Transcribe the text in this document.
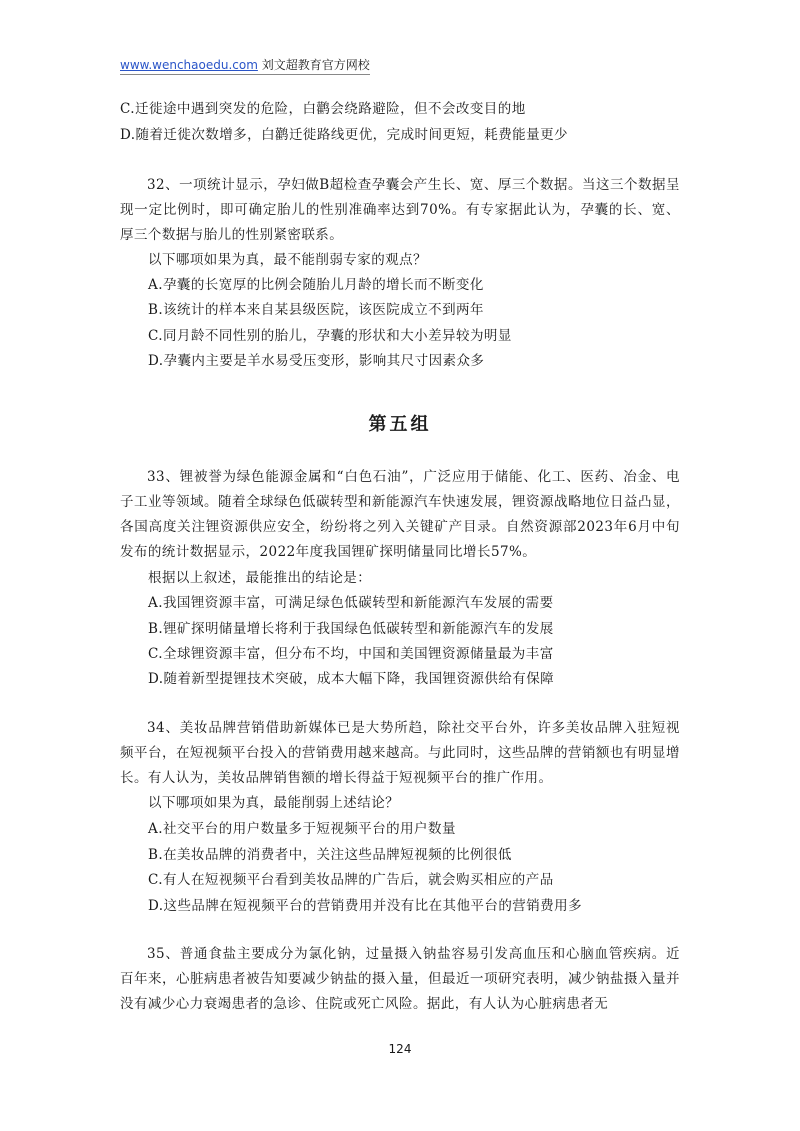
www.wenchaoedu.com 刘文超教育官方网校
C.迁徙途中遇到突发的危险，白鹳会绕路避险，但不会改变目的地
D.随着迁徙次数增多，白鹳迁徙路线更优，完成时间更短，耗费能量更少
32、一项统计显示，孕妇做B超检查孕囊会产生长、宽、厚三个数据。当这三个数据呈现一定比例时，即可确定胎儿的性别准确率达到70%。有专家据此认为，孕囊的长、宽、厚三个数据与胎儿的性别紧密联系。
以下哪项如果为真，最不能削弱专家的观点？
A.孕囊的长宽厚的比例会随胎儿月龄的增长而不断变化
B.该统计的样本来自某县级医院，该医院成立不到两年
C.同月龄不同性别的胎儿，孕囊的形状和大小差异较为明显
D.孕囊内主要是羊水易受压变形，影响其尺寸因素众多
第五组
33、锂被誉为绿色能源金属和“白色石油”，广泛应用于储能、化工、医药、冶金、电子工业等领域。随着全球绿色低碳转型和新能源汽车快速发展，锂资源战略地位日益凸显，各国高度关注锂资源供应安全，纷纷将之列入关键矿产目录。自然资源部2023年6月中旬发布的统计数据显示，2022年度我国锂矿探明储量同比增长57%。
根据以上叙述，最能推出的结论是：
A.我国锂资源丰富，可满足绿色低碳转型和新能源汽车发展的需要
B.锂矿探明储量增长将利于我国绿色低碳转型和新能源汽车的发展
C.全球锂资源丰富，但分布不均，中国和美国锂资源储量最为丰富
D.随着新型提锂技术突破，成本大幅下降，我国锂资源供给有保障
34、美妆品牌营销借助新媒体已是大势所趋，除社交平台外，许多美妆品牌入驻短视频平台，在短视频平台投入的营销费用越来越高。与此同时，这些品牌的营销额也有明显增长。有人认为，美妆品牌销售额的增长得益于短视频平台的推广作用。
以下哪项如果为真，最能削弱上述结论？
A.社交平台的用户数量多于短视频平台的用户数量
B.在美妆品牌的消费者中，关注这些品牌短视频的比例很低
C.有人在短视频平台看到美妆品牌的广告后，就会购买相应的产品
D.这些品牌在短视频平台的营销费用并没有比在其他平台的营销费用多
35、普通食盐主要成分为氯化钠，过量摄入钠盐容易引发高血压和心脑血管疾病。近百年来，心脏病患者被告知要减少钠盐的摄入量，但最近一项研究表明，减少钠盐摄入量并没有减少心力衰竭患者的急诊、住院或死亡风险。据此，有人认为心脏病患者无
124
